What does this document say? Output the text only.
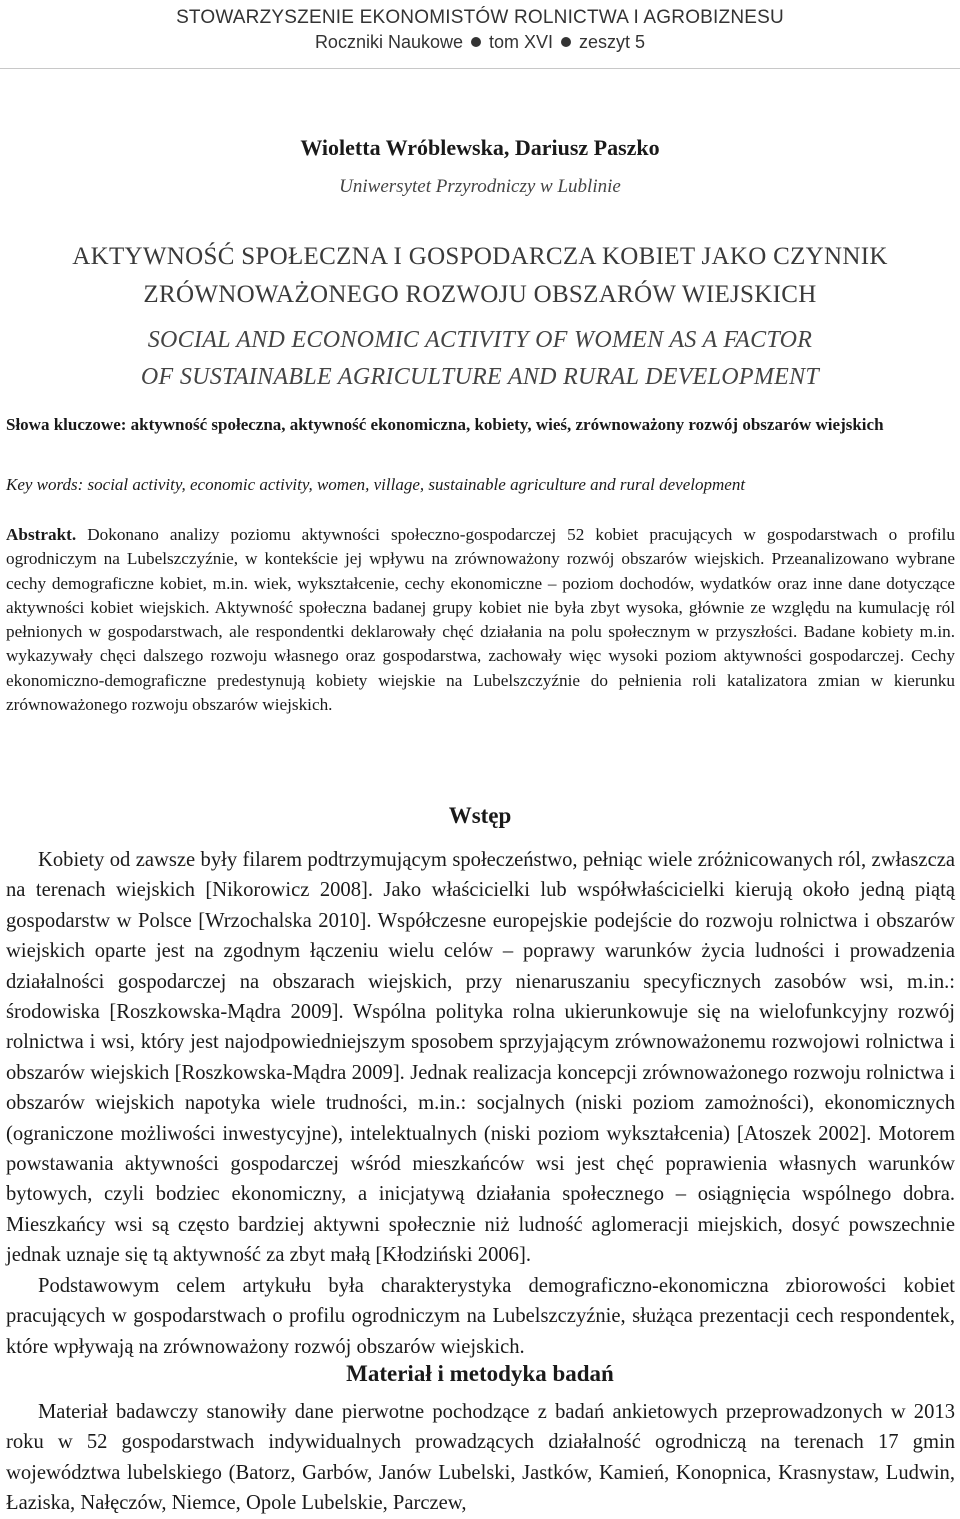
STOWARZYSZENIE EKONOMISTÓW ROLNICTWA I AGROBIZNESU
Roczniki Naukowe tom XVI zeszyt 5
Wioletta Wróblewska, Dariusz Paszko
Uniwersytet Przyrodniczy w Lublinie
AKTYWNOŚĆ SPOŁECZNA I GOSPODARCZA KOBIET JAKO CZYNNIK
ZRÓWNOWAŻONEGO ROZWOJU OBSZARÓW WIEJSKICH
SOCIAL AND ECONOMIC ACTIVITY OF WOMEN AS A FACTOR
OF SUSTAINABLE AGRICULTURE AND RURAL DEVELOPMENT
Słowa kluczowe: aktywność społeczna, aktywność ekonomiczna, kobiety, wieś, zrównoważony rozwój obszarów wiejskich
Key words: social activity, economic activity, women, village, sustainable agriculture and rural development
Abstrakt. Dokonano analizy poziomu aktywności społeczno-gospodarczej 52 kobiet pracujących w gospodarstwach o profilu ogrodniczym na Lubelszczyźnie, w kontekście jej wpływu na zrównoważony rozwój obszarów wiejskich. Przeanalizowano wybrane cechy demograficzne kobiet, m.in. wiek, wykształcenie, cechy ekonomiczne – poziom dochodów, wydatków oraz inne dane dotyczące aktywności kobiet wiejskich. Aktywność społeczna badanej grupy kobiet nie była zbyt wysoka, głównie ze względu na kumulację ról pełnionych w gospodarstwach, ale respondentki deklarowały chęć działania na polu społecznym w przyszłości. Badane kobiety m.in. wykazywały chęci dalszego rozwoju własnego oraz gospodarstwa, zachowały więc wysoki poziom aktywności gospodarczej. Cechy ekonomiczno-demograficzne predestynują kobiety wiejskie na Lubelszczyźnie do pełnienia roli katalizatora zmian w kierunku zrównoważonego rozwoju obszarów wiejskich.
Wstęp

Kobiety od zawsze były filarem podtrzymującym społeczeństwo, pełniąc wiele zróżnicowanych ról, zwłaszcza na terenach wiejskich [Nikorowicz 2008]. Jako właścicielki lub współwłaścicielki kierują około jedną piątą gospodarstw w Polsce [Wrzochalska 2010]. Współczesne europejskie podejście do rozwoju rolnictwa i obszarów wiejskich oparte jest na zgodnym łączeniu wielu celów – poprawy warunków życia ludności i prowadzenia działalności gospodarczej na obszarach wiejskich, przy nienaruszaniu specyficznych zasobów wsi, m.in.: środowiska [Roszkowska-Mądra 2009]. Wspólna polityka rolna ukierunkowuje się na wielofunkcyjny rozwój rolnictwa i wsi, który jest najodpowiedniejszym sposobem sprzyjającym zrównoważonemu rozwojowi rolnictwa i obszarów wiejskich [Roszkowska-Mądra 2009]. Jednak realizacja koncepcji zrównoważonego rozwoju rolnictwa i obszarów wiejskich napotyka wiele trudności, m.in.: socjalnych (niski poziom zamożności), ekonomicznych (ograniczone możliwości inwestycyjne), intelektualnych (niski poziom wykształcenia) [Atoszek 2002]. Motorem powstawania aktywności gospodarczej wśród mieszkańców wsi jest chęć poprawienia własnych warunków bytowych, czyli bodziec ekonomiczny, a inicjatywą działania społecznego – osiągnięcia wspólnego dobra. Mieszkańcy wsi są często bardziej aktywni społecznie niż ludność aglomeracji miejskich, dosyć powszechnie jednak uznaje się tą aktywność za zbyt małą [Kłodziński 2006].

Podstawowym celem artykułu była charakterystyka demograficzno-ekonomiczna zbiorowości kobiet pracujących w gospodarstwach o profilu ogrodniczym na Lubelszczyźnie, służąca prezentacji cech respondentek, które wpływają na zrównoważony rozwój obszarów wiejskich.

Materiał i metodyka badań

Materiał badawczy stanowiły dane pierwotne pochodzące z badań ankietowych przeprowadzonych w 2013 roku w 52 gospodarstwach indywidualnych prowadzących działalność ogrodniczą na terenach 17 gmin województwa lubelskiego (Batorz, Garbów, Janów Lubelski, Jastków, Kamień, Konopnica, Krasnystaw, Ludwin, Łaziska, Nałęczów, Niemce, Opole Lubelskie, Parczew,
